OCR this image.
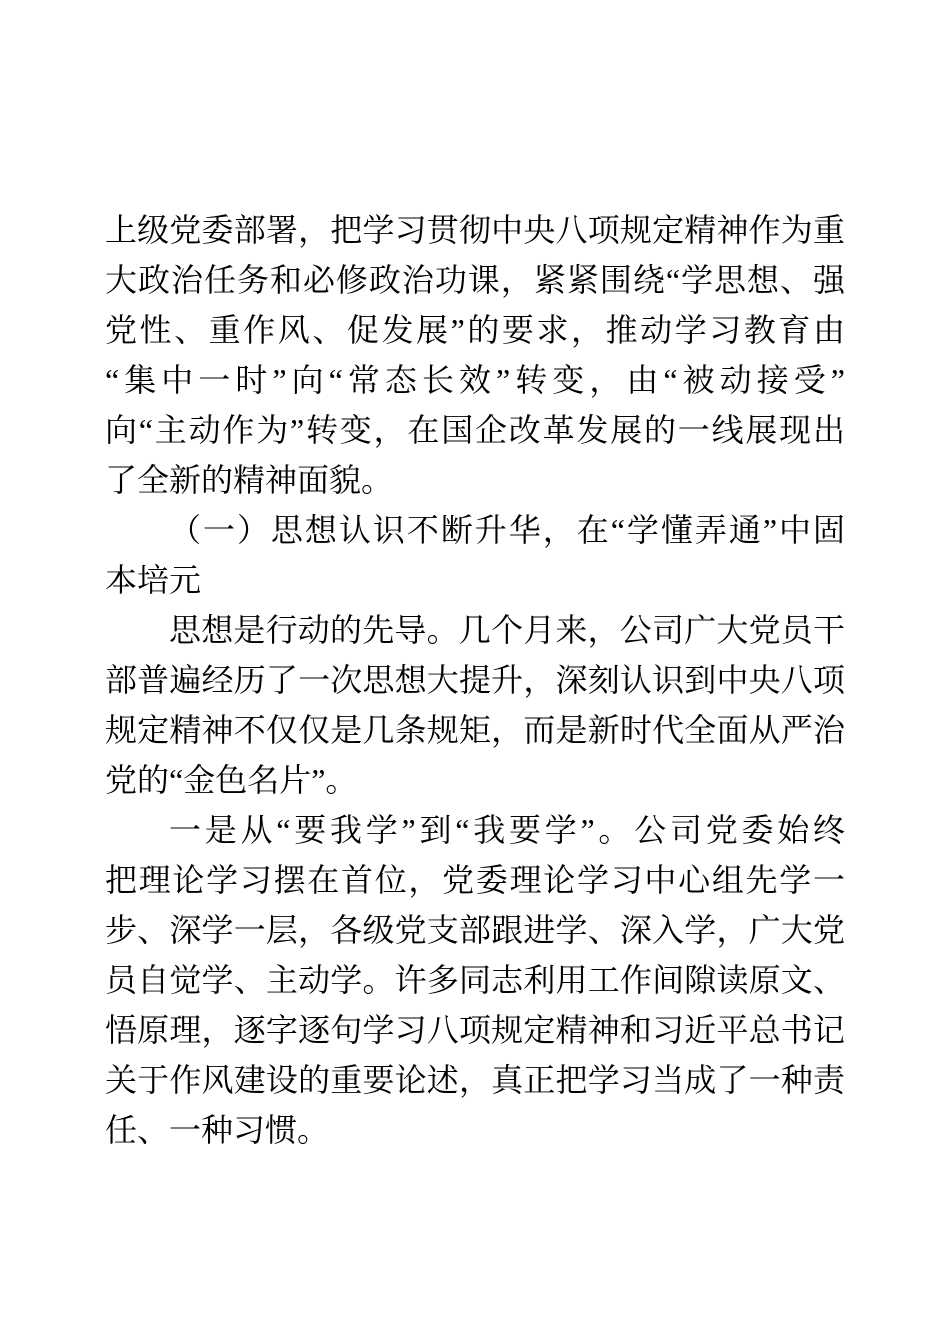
上级党委部署，把学习贯彻中央八项规定精神作为重
大政治任务和必修政治功课，紧紧围绕“学思想、强
党性、重作风、促发展”的要求，推动学习教育由
“集中一时”向“常态长效”转变，由“被动接受”
向“主动作为”转变，在国企改革发展的一线展现出
了全新的精神面貌。
（一）思想认识不断升华，在“学懂弄通”中固
本培元
思想是行动的先导。几个月来，公司广大党员干
部普遍经历了一次思想大提升，深刻认识到中央八项
规定精神不仅仅是几条规矩，而是新时代全面从严治
党的“金色名片”。
一是从“要我学”到“我要学”。公司党委始终
把理论学习摆在首位，党委理论学习中心组先学一
步、深学一层，各级党支部跟进学、深入学，广大党
员自觉学、主动学。许多同志利用工作间隙读原文、
悟原理，逐字逐句学习八项规定精神和习近平总书记
关于作风建设的重要论述，真正把学习当成了一种责
任、一种习惯。
